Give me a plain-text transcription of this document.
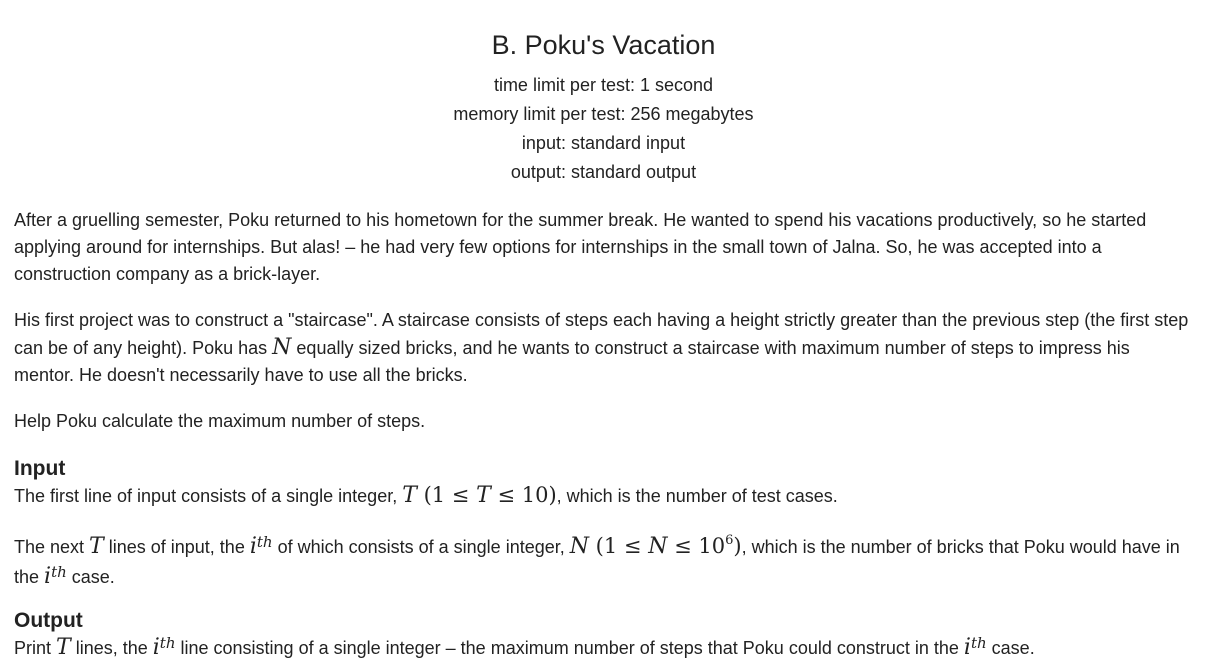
B. Poku's Vacation
time limit per test: 1 second
memory limit per test: 256 megabytes
input: standard input
output: standard output

After a gruelling semester, Poku returned to his hometown for the summer break. He wanted to spend his vacations productively, so he started applying around for internships. But alas! – he had very few options for internships in the small town of Jalna. So, he was accepted into a construction company as a brick-layer.

His first project was to construct a "staircase". A staircase consists of steps each having a height strictly greater than the previous step (the first step can be of any height). Poku has N equally sized bricks, and he wants to construct a staircase with maximum number of steps to impress his mentor. He doesn't necessarily have to use all the bricks.

Help Poku calculate the maximum number of steps.

Input

The first line of input consists of a single integer, T (1 ≤ T ≤ 10), which is the number of test cases.

The next T lines of input, the $i^{th}$ of which consists of a single integer, N $(1 \le N \le 10^6)$, which is the number of bricks that Poku would have in the $i^{th}$ case.

Output

Print T lines, the $i^{th}$ line consisting of a single integer – the maximum number of steps that Poku could construct in the $i^{th}$ case.
